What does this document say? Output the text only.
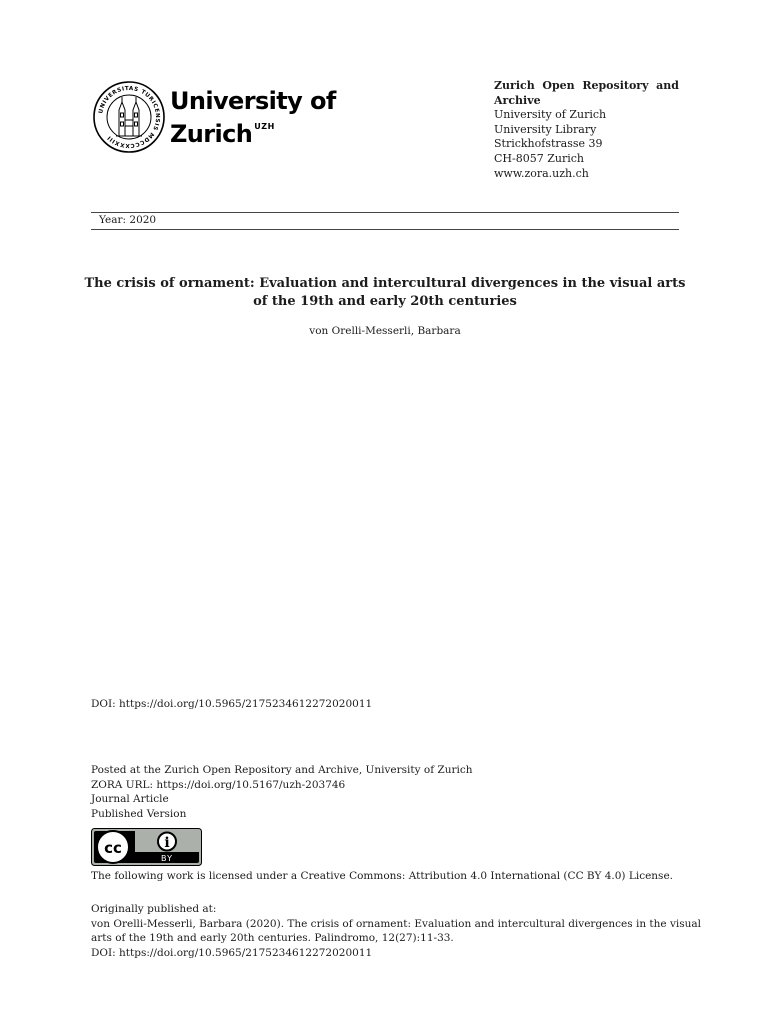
UNIVERSITAS TURICENSIS MDCCCXXXIII
University of
Zurich $^{UZH}$
Zurich Open Repository and Archive
University of Zurich
University Library
Strickhofstrasse 39
CH-8057 Zurich
www.zora.uzh.ch
Year: 2020
The crisis of ornament: Evaluation and intercultural divergences in the visual arts
of the 19th and early 20th centuries
von Orelli-Messerli, Barbara
DOI: https://doi.org/10.5965/2175234612272020011
Posted at the Zurich Open Repository and Archive, University of Zurich
ZORA URL: https://doi.org/10.5167/uzh-203746
Journal Article
Published Version
cc	i
BY
The following work is licensed under a Creative Commons: Attribution 4.0 International (CC BY 4.0) License.
Originally published at:
von Orelli-Messerli, Barbara (2020). The crisis of ornament: Evaluation and intercultural divergences in the visual
arts of the 19th and early 20th centuries. Palindromo, 12(27):11-33.
DOI: https://doi.org/10.5965/2175234612272020011
